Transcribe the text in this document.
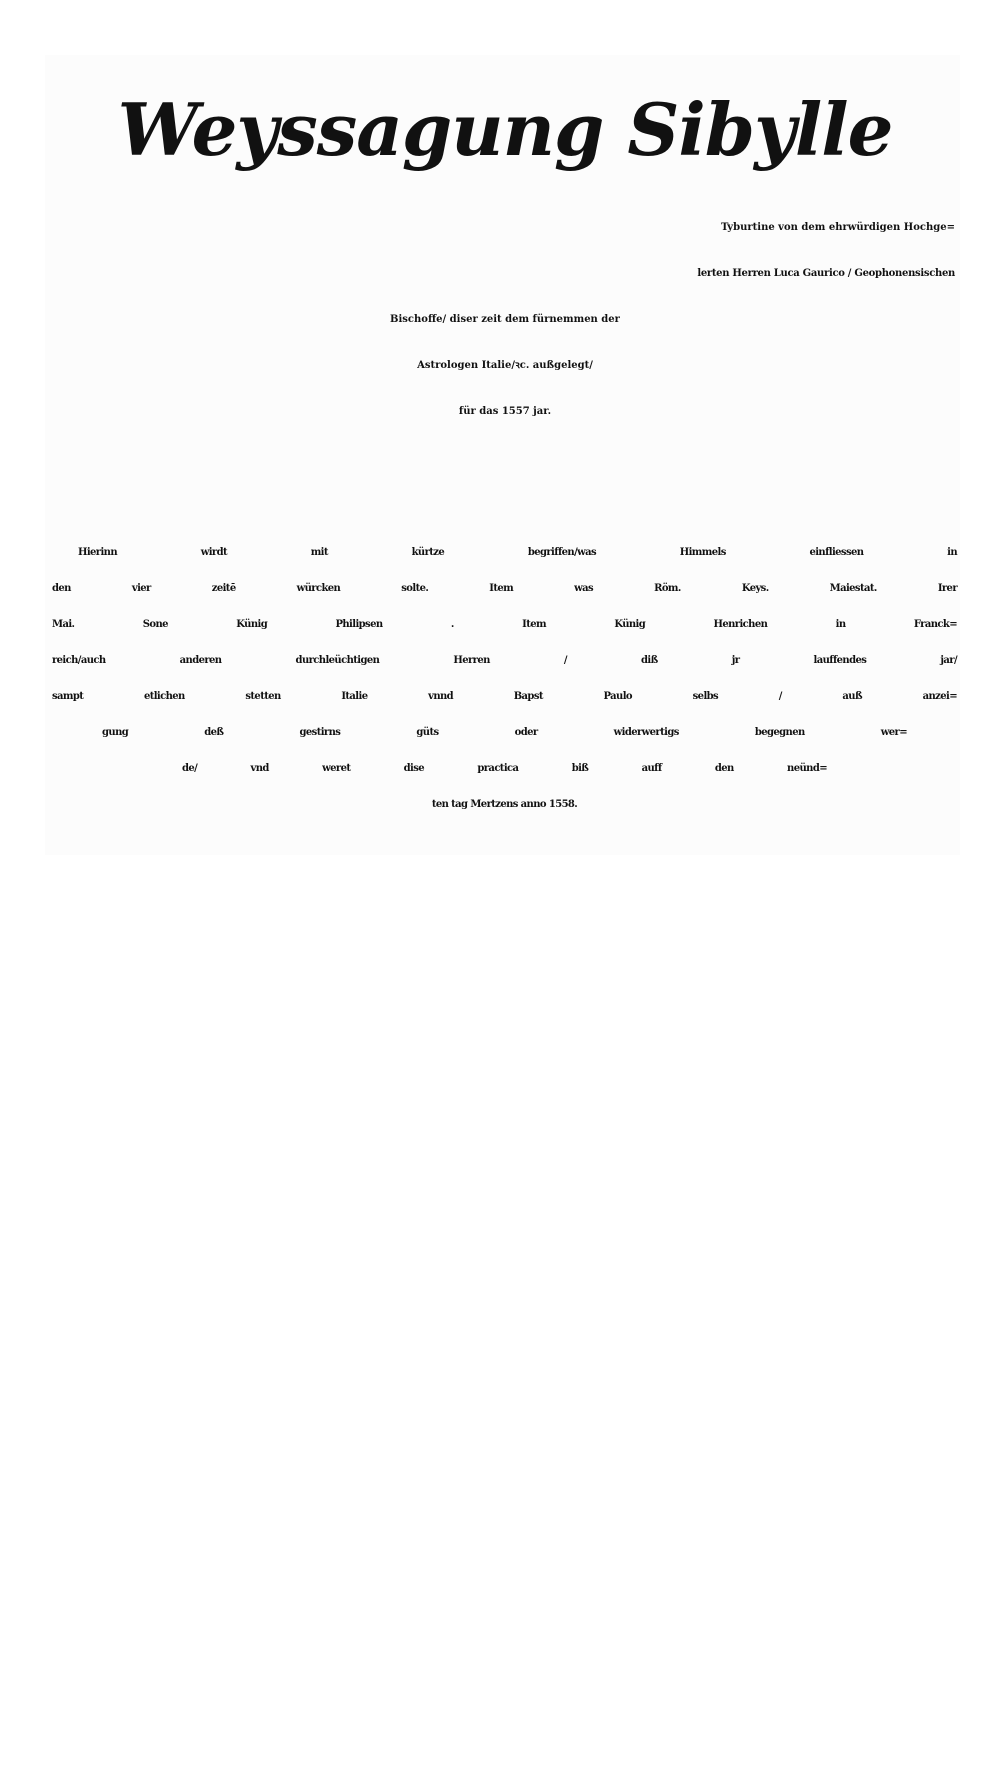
Weyssagung Sibylle
Tyburtine von dem ehrwürdigen Hochge=
lerten Herren Luca Gaurico / Geophonensischen
Bischoffe/ diser zeit dem fürnemmen der
Astrologen Italie/ꝛc. außgelegt/
für das 1557 jar.
Hierinn wirdt mit kürtze begriffen/was Himmels einfliessen in
den vier zeitē würcken solte. Item was Röm. Keys. Maiestat. Irer
Mai. Sone Künig Philipsen . Item Künig Henrichen in Franck=
reich/auch anderen durchleüchtigen Herren / diß jr lauffendes jar/
sampt etlichen stetten Italie vnnd Bapst Paulo selbs / auß anzei=
gung deß gestirns güts oder widerwertigs begegnen wer=
de/ vnd weret dise practica biß auff den neünd=
ten tag Mertzens anno 1558.
